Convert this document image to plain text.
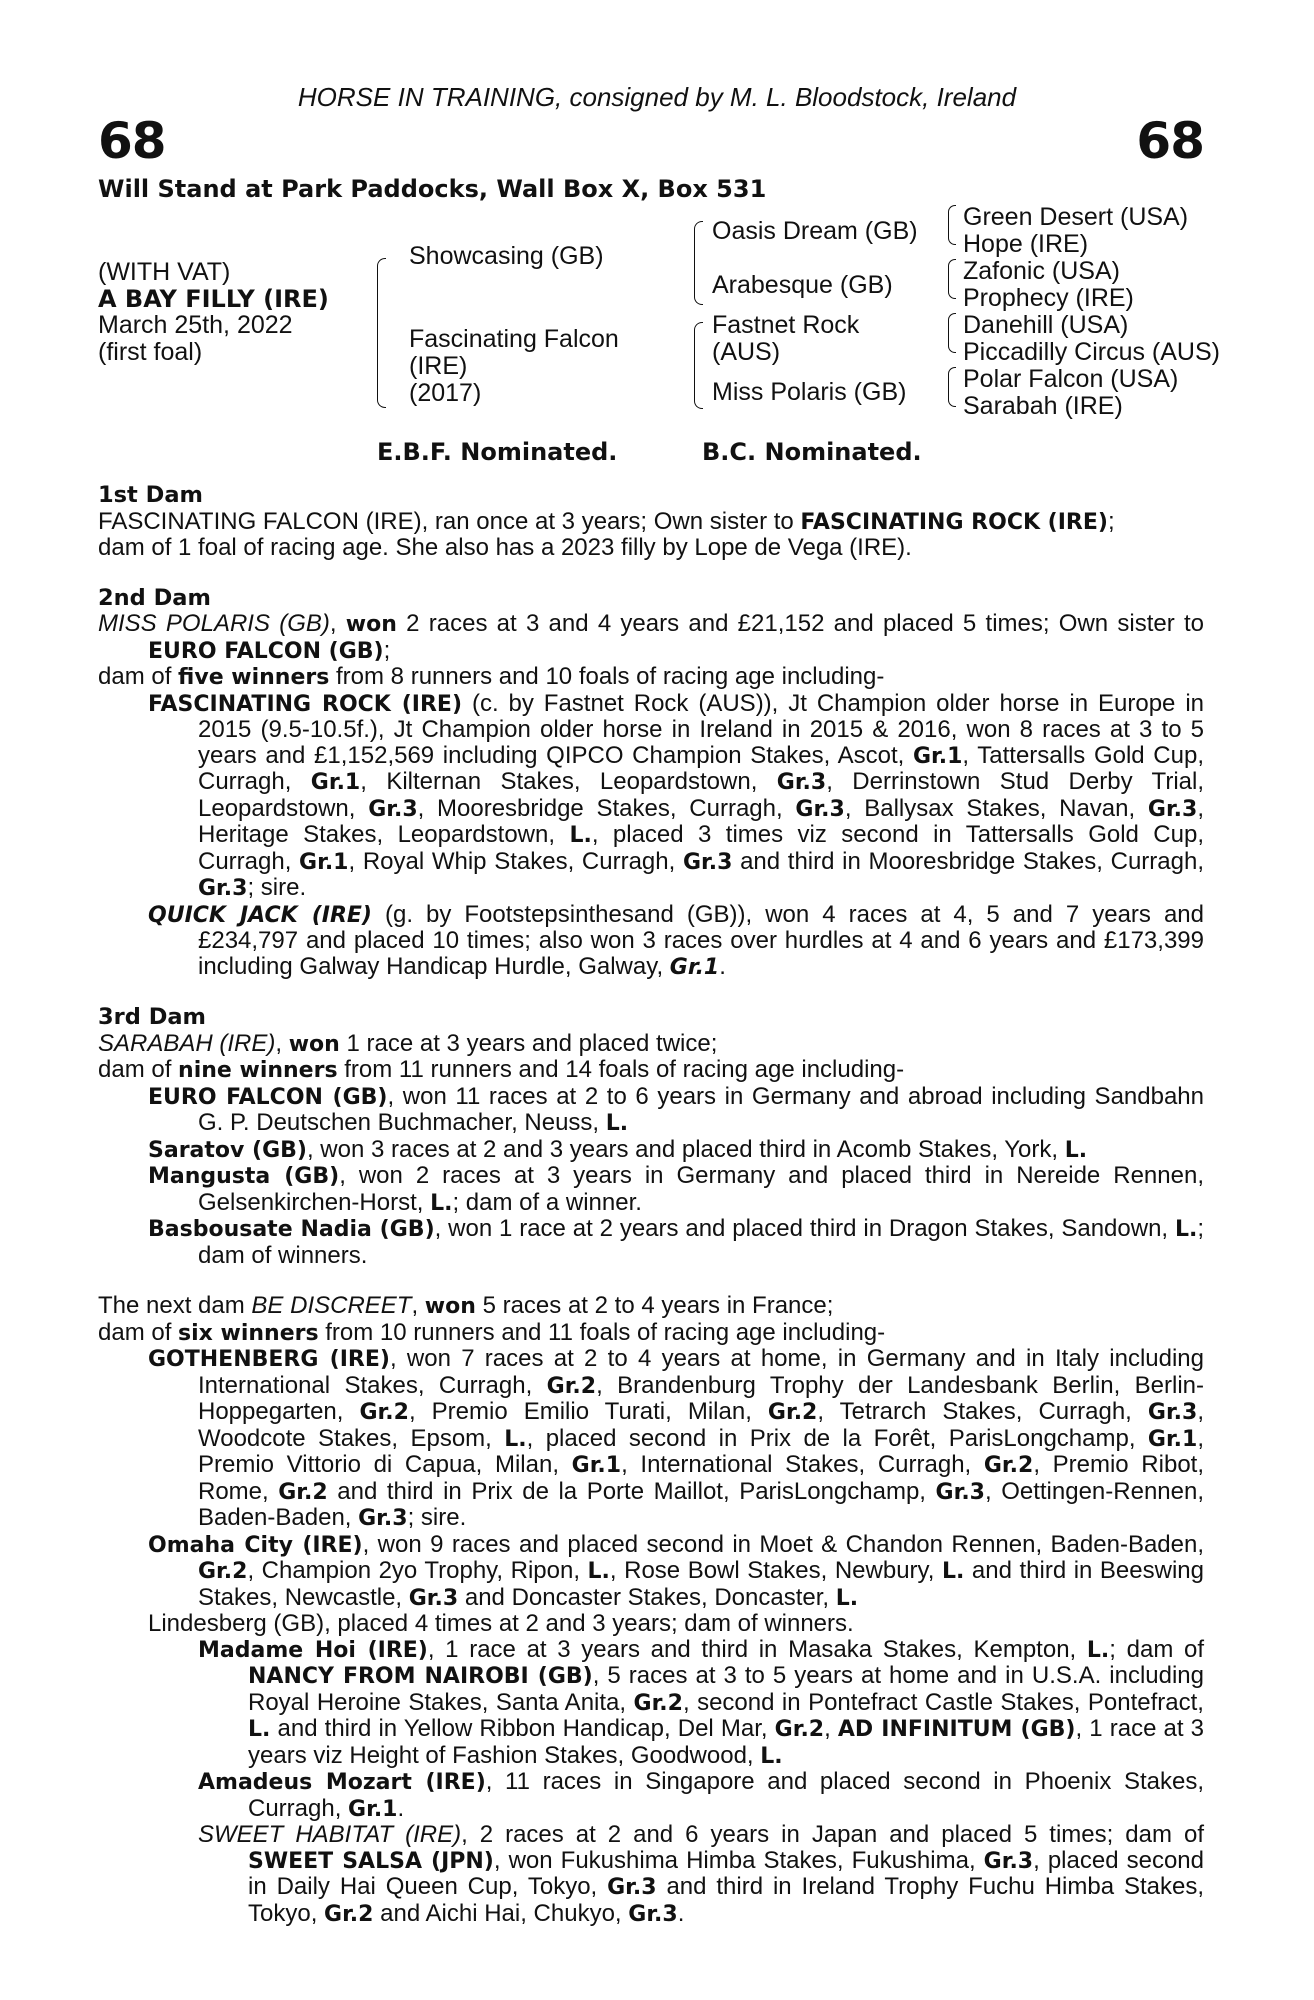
HORSE IN TRAINING, consigned by M. L. Bloodstock, Ireland
68	68
Will Stand at Park Paddocks, Wall Box X, Box 531
(WITH VAT)
A BAY FILLY (IRE)
March 25th, 2022
(first foal)
Showcasing (GB)
Fascinating Falcon
(IRE)
(2017)
Oasis Dream (GB)
Arabesque (GB)
Fastnet Rock
(AUS)
Miss Polaris (GB)
Green Desert (USA)
Hope (IRE)
Zafonic (USA)
Prophecy (IRE)
Danehill (USA)
Piccadilly Circus (AUS)
Polar Falcon (USA)
Sarabah (IRE)
E.B.F. Nominated.	B.C. Nominated.
1st Dam
FASCINATING FALCON (IRE), ran once at 3 years; Own sister to FASCINATING ROCK (IRE);
dam of 1 foal of racing age. She also has a 2023 filly by Lope de Vega (IRE).
2nd Dam
MISS POLARIS (GB), won 2 races at 3 and 4 years and £21,152 and placed 5 times; Own sister to EURO FALCON (GB);
dam of five winners from 8 runners and 10 foals of racing age including-
FASCINATING ROCK (IRE) (c. by Fastnet Rock (AUS)), Jt Champion older horse in Europe in 2015 (9.5-10.5f.), Jt Champion older horse in Ireland in 2015 & 2016, won 8 races at 3 to 5 years and £1,152,569 including QIPCO Champion Stakes, Ascot, Gr.1, Tattersalls Gold Cup, Curragh, Gr.1, Kilternan Stakes, Leopardstown, Gr.3, Derrinstown Stud Derby Trial, Leopardstown, Gr.3, Mooresbridge Stakes, Curragh, Gr.3, Ballysax Stakes, Navan, Gr.3, Heritage Stakes, Leopardstown, L., placed 3 times viz second in Tattersalls Gold Cup, Curragh, Gr.1, Royal Whip Stakes, Curragh, Gr.3 and third in Mooresbridge Stakes, Curragh, Gr.3; sire.
QUICK JACK (IRE) (g. by Footstepsinthesand (GB)), won 4 races at 4, 5 and 7 years and £234,797 and placed 10 times; also won 3 races over hurdles at 4 and 6 years and £173,399 including Galway Handicap Hurdle, Galway, Gr.1.
3rd Dam
SARABAH (IRE), won 1 race at 3 years and placed twice;
dam of nine winners from 11 runners and 14 foals of racing age including-
EURO FALCON (GB), won 11 races at 2 to 6 years in Germany and abroad including Sandbahn G. P. Deutschen Buchmacher, Neuss, L.
Saratov (GB), won 3 races at 2 and 3 years and placed third in Acomb Stakes, York, L.
Mangusta (GB), won 2 races at 3 years in Germany and placed third in Nereide Rennen, Gelsenkirchen-Horst, L.; dam of a winner.
Basbousate Nadia (GB), won 1 race at 2 years and placed third in Dragon Stakes, Sandown, L.; dam of winners.
The next dam BE DISCREET, won 5 races at 2 to 4 years in France;
dam of six winners from 10 runners and 11 foals of racing age including-
GOTHENBERG (IRE), won 7 races at 2 to 4 years at home, in Germany and in Italy including International Stakes, Curragh, Gr.2, Brandenburg Trophy der Landesbank Berlin, Berlin-Hoppegarten, Gr.2, Premio Emilio Turati, Milan, Gr.2, Tetrarch Stakes, Curragh, Gr.3, Woodcote Stakes, Epsom, L., placed second in Prix de la Forêt, ParisLongchamp, Gr.1, Premio Vittorio di Capua, Milan, Gr.1, International Stakes, Curragh, Gr.2, Premio Ribot, Rome, Gr.2 and third in Prix de la Porte Maillot, ParisLongchamp, Gr.3, Oettingen-Rennen, Baden-Baden, Gr.3; sire.
Omaha City (IRE), won 9 races and placed second in Moet & Chandon Rennen, Baden-Baden, Gr.2, Champion 2yo Trophy, Ripon, L., Rose Bowl Stakes, Newbury, L. and third in Beeswing Stakes, Newcastle, Gr.3 and Doncaster Stakes, Doncaster, L.
Lindesberg (GB), placed 4 times at 2 and 3 years; dam of winners.
Madame Hoi (IRE), 1 race at 3 years and third in Masaka Stakes, Kempton, L.; dam of NANCY FROM NAIROBI (GB), 5 races at 3 to 5 years at home and in U.S.A. including Royal Heroine Stakes, Santa Anita, Gr.2, second in Pontefract Castle Stakes, Pontefract, L. and third in Yellow Ribbon Handicap, Del Mar, Gr.2, AD INFINITUM (GB), 1 race at 3 years viz Height of Fashion Stakes, Goodwood, L.
Amadeus Mozart (IRE), 11 races in Singapore and placed second in Phoenix Stakes, Curragh, Gr.1.
SWEET HABITAT (IRE), 2 races at 2 and 6 years in Japan and placed 5 times; dam of SWEET SALSA (JPN), won Fukushima Himba Stakes, Fukushima, Gr.3, placed second in Daily Hai Queen Cup, Tokyo, Gr.3 and third in Ireland Trophy Fuchu Himba Stakes, Tokyo, Gr.2 and Aichi Hai, Chukyo, Gr.3.
